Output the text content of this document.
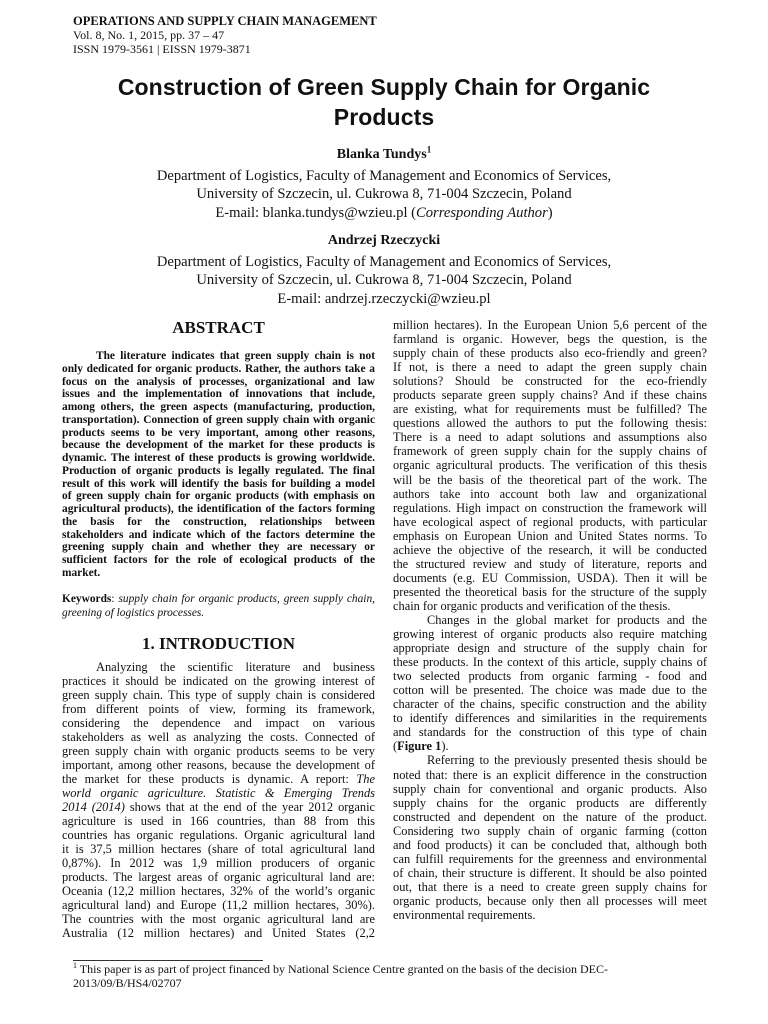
OPERATIONS AND SUPPLY CHAIN MANAGEMENT
Vol. 8, No. 1, 2015, pp. 37 – 47
ISSN 1979-3561 | EISSN 1979-3871
Construction of Green Supply Chain for Organic
Products
Blanka Tundys$^1$
Department of Logistics, Faculty of Management and Economics of Services,
University of Szczecin, ul. Cukrowa 8, 71-004 Szczecin, Poland
E-mail: blanka.tundys@wzieu.pl (Corresponding Author)
Andrzej Rzeczycki
Department of Logistics, Faculty of Management and Economics of Services,
University of Szczecin, ul. Cukrowa 8, 71-004 Szczecin, Poland
E-mail: andrzej.rzeczycki@wzieu.pl
ABSTRACT
The literature indicates that green supply chain is not
only dedicated for organic products. Rather, the authors take a
focus on the analysis of processes, organizational and law
issues and the implementation of innovations that include,
among others, the green aspects (manufacturing, production,
transportation). Connection of green supply chain with organic
products seems to be very important, among other reasons,
because the development of the market for these products is
dynamic. The interest of these products is growing worldwide.
Production of organic products is legally regulated. The final
result of this work will identify the basis for building a model
of green supply chain for organic products (with emphasis on
agricultural products), the identification of the factors forming
the basis for the construction, relationships between
stakeholders and indicate which of the factors determine the
greening supply chain and whether they are necessary or
sufficient factors for the role of ecological products of the
market.
Keywords: supply chain for organic products, green supply chain,
greening of logistics processes.
1. INTRODUCTION
Analyzing the scientific literature and business
practices it should be indicated on the growing interest of
green supply chain. This type of supply chain is considered
from different points of view, forming its framework,
considering the dependence and impact on various
stakeholders as well as analyzing the costs. Connected of
green supply chain with organic products seems to be very
important, among other reasons, because the development of
the market for these products is dynamic. A report: The
world organic agriculture. Statistic & Emerging Trends
2014 (2014) shows that at the end of the year 2012 organic
agriculture is used in 166 countries, than 88 from this
countries has organic regulations. Organic agricultural land
it is 37,5 million hectares (share of total agricultural land
0,87%). In 2012 was 1,9 million producers of organic
products. The largest areas of organic agricultural land are:
Oceania (12,2 million hectares, 32% of the world’s organic
agricultural land) and Europe (11,2 million hectares, 30%).
The countries with the most organic agricultural land are
Australia (12 million hectares) and United States (2,2
million hectares). In the European Union 5,6 percent of the
farmland is organic. However, begs the question, is the
supply chain of these products also eco-friendly and green?
If not, is there a need to adapt the green supply chain
solutions? Should be constructed for the eco-friendly
products separate green supply chains? And if these chains
are existing, what for requirements must be fulfilled? The
questions allowed the authors to put the following thesis:
There is a need to adapt solutions and assumptions also
framework of green supply chain for the supply chains of
organic agricultural products. The verification of this thesis
will be the basis of the theoretical part of the work. The
authors take into account both law and organizational
regulations. High impact on construction the framework will
have ecological aspect of regional products, with particular
emphasis on European Union and United States norms. To
achieve the objective of the research, it will be conducted
the structured review and study of literature, reports and
documents (e.g. EU Commission, USDA). Then it will be
presented the theoretical basis for the structure of the supply
chain for organic products and verification of the thesis.
Changes in the global market for products and the
growing interest of organic products also require matching
appropriate design and structure of the supply chain for
these products. In the context of this article, supply chains of
two selected products from organic farming - food and
cotton will be presented. The choice was made due to the
character of the chains, specific construction and the ability
to identify differences and similarities in the requirements
and standards for the construction of this type of chain
(Figure 1).
Referring to the previously presented thesis should be
noted that: there is an explicit difference in the construction
supply chain for conventional and organic products. Also
supply chains for the organic products are differently
constructed and dependent on the nature of the product.
Considering two supply chain of organic farming (cotton
and food products) it can be concluded that, although both
can fulfill requirements for the greenness and environmental
of chain, their structure is different. It should be also pointed
out, that there is a need to create green supply chains for
organic products, because only then all processes will meet
environmental requirements.
$^1$ This paper is as part of project financed by National Science Centre granted on the basis of the decision DEC-
2013/09/B/HS4/02707
